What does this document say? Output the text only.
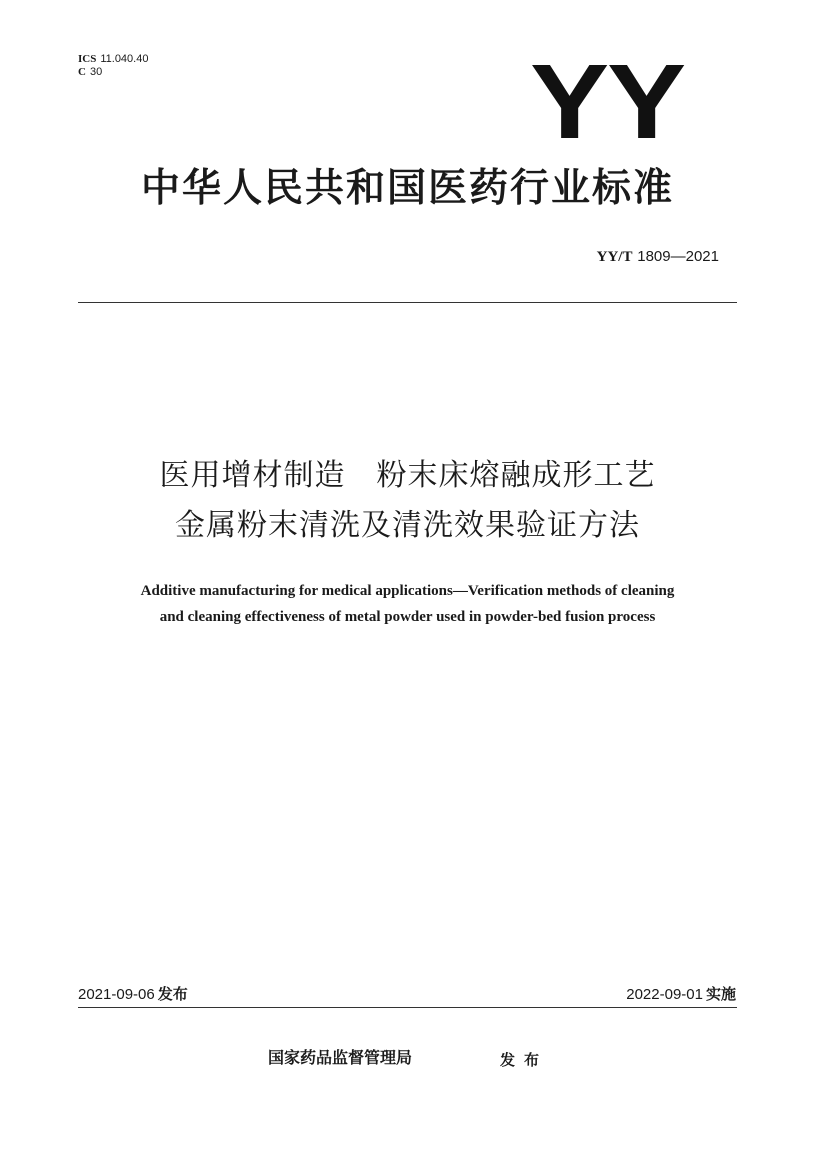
ICS 11.040.40
C 30	YY
中华人民共和国医药行业标准
YY/T 1809—2021
医用增材制造　粉末床熔融成形工艺
金属粉末清洗及清洗效果验证方法
Additive manufacturing for medical applications—Verification methods of cleaning
and cleaning effectiveness of metal powder used in powder-bed fusion process
2021-09-06 发布	2022-09-01 实施
国家药品监督管理局	发布
